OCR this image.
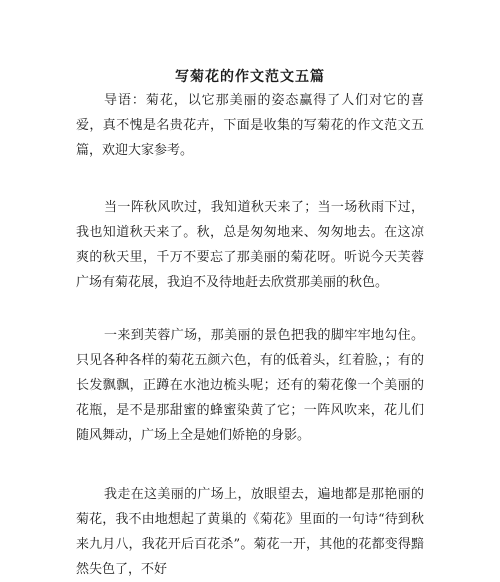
写菊花的作文范文五篇

导语：菊花，以它那美丽的姿态赢得了人们对它的喜爱，真不愧是名贵花卉，下面是收集的写菊花的作文范文五篇，欢迎大家参考。

当一阵秋风吹过，我知道秋天来了；当一场秋雨下过，我也知道秋天来了。秋，总是匆匆地来、匆匆地去。在这凉爽的秋天里，千万不要忘了那美丽的菊花呀。听说今天芙蓉广场有菊花展，我迫不及待地赶去欣赏那美丽的秋色。

一来到芙蓉广场，那美丽的景色把我的脚牢牢地勾住。只见各种各样的菊花五颜六色，有的低着头，红着脸，；有的长发飘飘，正蹲在水池边梳头呢；还有的菊花像一个美丽的花瓶，是不是那甜蜜的蜂蜜染黄了它；一阵风吹来，花儿们随风舞动，广场上全是她们娇艳的身影。

我走在这美丽的广场上，放眼望去，遍地都是那艳丽的菊花，我不由地想起了黄巢的《菊花》里面的一句诗“待到秋来九月八，我花开后百花杀”。菊花一开，其他的花都变得黯然失色了，不好
